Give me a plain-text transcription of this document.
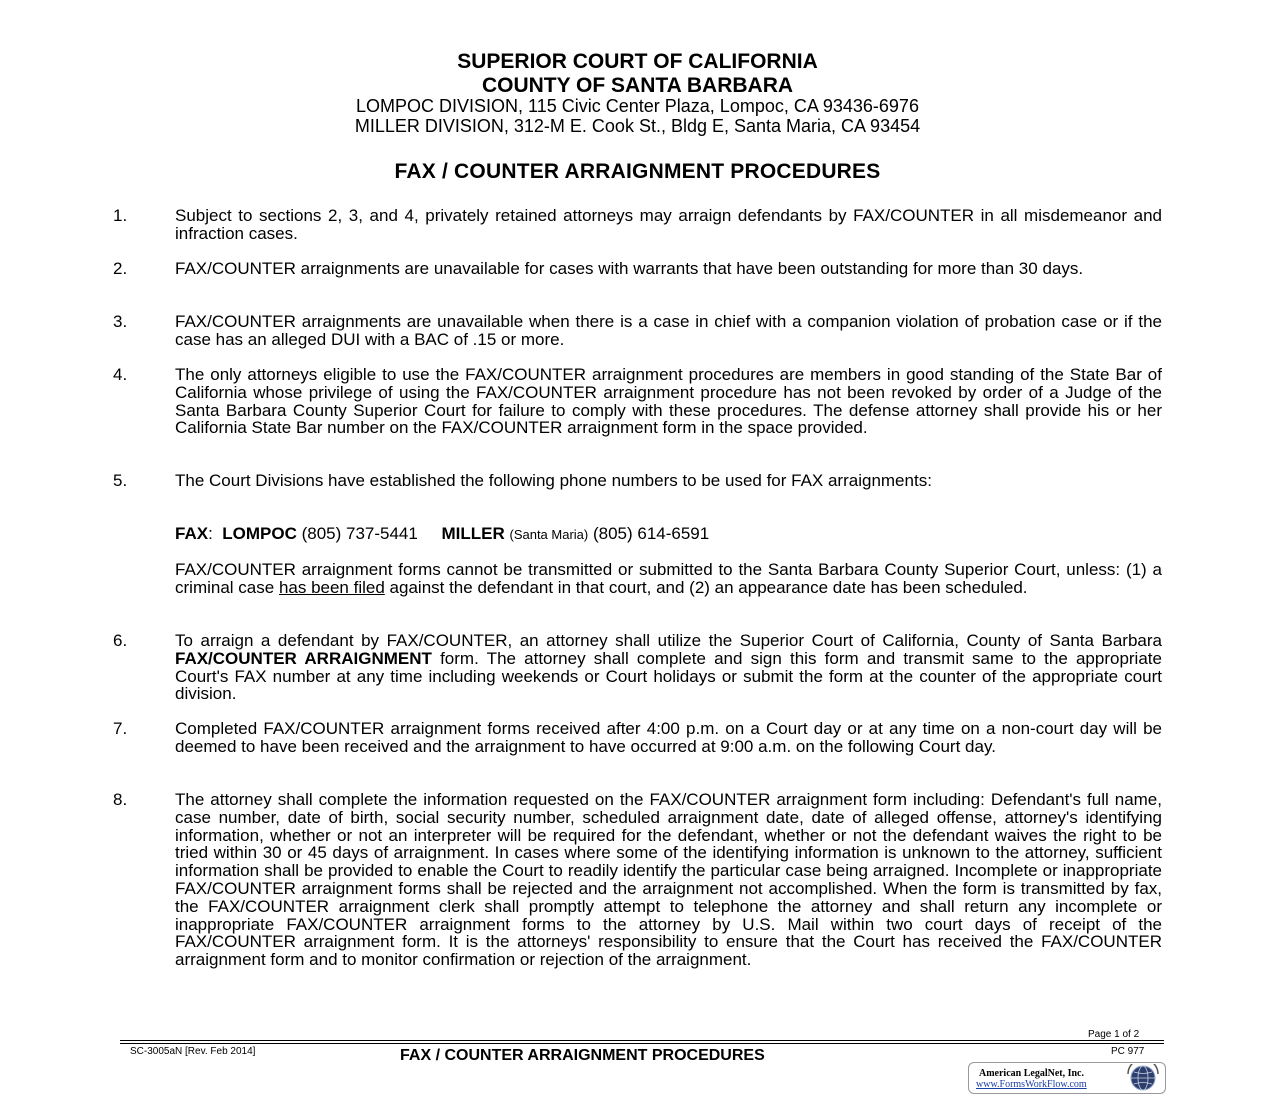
SUPERIOR COURT OF CALIFORNIA
COUNTY OF SANTA BARBARA
LOMPOC DIVISION, 115 Civic Center Plaza, Lompoc, CA 93436-6976
MILLER DIVISION, 312-M E. Cook St., Bldg E, Santa Maria, CA 93454
FAX / COUNTER ARRAIGNMENT PROCEDURES
1.	Subject to sections 2, 3, and 4, privately retained attorneys may arraign defendants by FAX/COUNTER in all misdemeanor and infraction cases.

2.	FAX/COUNTER arraignments are unavailable for cases with warrants that have been outstanding for more than 30 days.

3.	FAX/COUNTER arraignments are unavailable when there is a case in chief with a companion violation of probation case or if the case has an alleged DUI with a BAC of .15 or more.

4.	The only attorneys eligible to use the FAX/COUNTER arraignment procedures are members in good standing of the State Bar of California whose privilege of using the FAX/COUNTER arraignment procedure has not been revoked by order of a Judge of the Santa Barbara County Superior Court for failure to comply with these procedures. The defense attorney shall provide his or her California State Bar number on the FAX/COUNTER arraignment form in the space provided.

5.	The Court Divisions have established the following phone numbers to be used for FAX arraignments:

FAX:  LOMPOC (805) 737-5441 MILLER (Santa Maria) (805) 614-6591

FAX/COUNTER arraignment forms cannot be transmitted or submitted to the Santa Barbara County Superior Court, unless: (1) a criminal case has been filed against the defendant in that court, and (2) an appearance date has been scheduled.

6.	To arraign a defendant by FAX/COUNTER, an attorney shall utilize the Superior Court of California, County of Santa Barbara FAX/COUNTER ARRAIGNMENT form. The attorney shall complete and sign this form and transmit same to the appropriate Court's FAX number at any time including weekends or Court holidays or submit the form at the counter of the appropriate court division.

7.	Completed FAX/COUNTER arraignment forms received after 4:00 p.m. on a Court day or at any time on a non-court day will be deemed to have been received and the arraignment to have occurred at 9:00 a.m. on the following Court day.

8.	The attorney shall complete the information requested on the FAX/COUNTER arraignment form including: Defendant's full name, case number, date of birth, social security number, scheduled arraignment date, date of alleged offense, attorney's identifying information, whether or not an interpreter will be required for the defendant, whether or not the defendant waives the right to be tried within 30 or 45 days of arraignment. In cases where some of the identifying information is unknown to the attorney, sufficient information shall be provided to enable the Court to readily identify the particular case being arraigned. Incomplete or inappropriate FAX/COUNTER arraignment forms shall be rejected and the arraignment not accomplished. When the form is transmitted by fax, the FAX/COUNTER arraignment clerk shall promptly attempt to telephone the attorney and shall return any incomplete or inappropriate FAX/COUNTER arraignment forms to the attorney by U.S. Mail within two court days of receipt of the FAX/COUNTER arraignment form. It is the attorneys' responsibility to ensure that the Court has received the FAX/COUNTER arraignment form and to monitor confirmation or rejection of the arraignment.

Page 1 of 2
SC-3005aN [Rev. Feb 2014]	FAX / COUNTER ARRAIGNMENT PROCEDURES	PC 977
American LegalNet, Inc.
www.FormsWorkFlow.com
